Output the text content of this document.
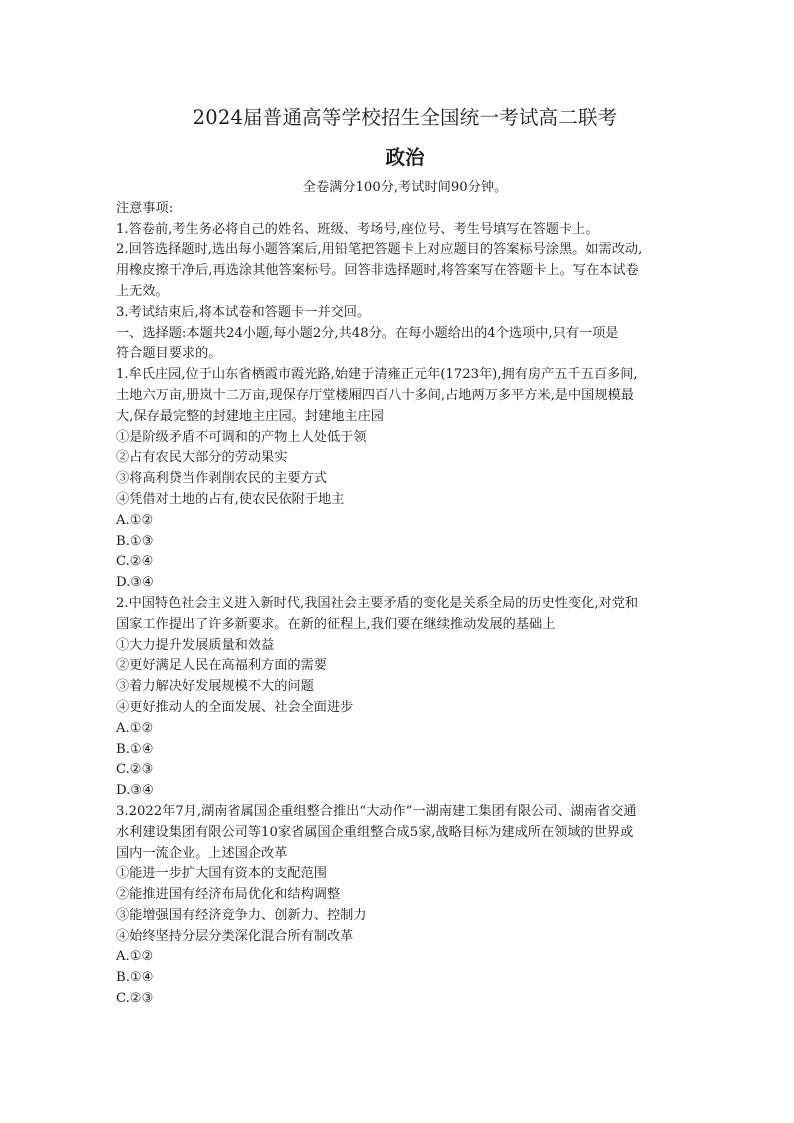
2024届普通高等学校招生全国统一考试高二联考
政治
全卷满分100分,考试时间90分钟。
注意事项:
1.答卷前,考生务必将自己的姓名、班级、考场号,座位号、考生号填写在答题卡上。
2.回答选择题时,选出每小题答案后,用铅笔把答题卡上对应题目的答案标号涂黑。如需改动,
用橡皮擦干净后,再选涂其他答案标号。回答非选择题时,将答案写在答题卡上。写在本试卷
上无效。
3.考试结束后,将本试卷和答题卡一并交回。
一、选择题:本题共24小题,每小题2分,共48分。在每小题给出的4个选项中,只有一项是
符合题目要求的。
1.牟氏庄园,位于山东省栖霞市霞光路,始建于清雍正元年(1723年),拥有房产五千五百多间,
土地六万亩,册岚十二万亩,现保存厅堂楼厢四百八十多间,占地两万多平方米,是中国规模最
大,保存最完整的封建地主庄园。封建地主庄园
①是阶级矛盾不可调和的产物上人处低于领
②占有农民大部分的劳动果实
③将高利贷当作剥削农民的主要方式
④凭借对土地的占有,使农民依附于地主
A.①②
B.①③
C.②④
D.③④
2.中国特色社会主义进入新时代,我国社会主要矛盾的变化是关系全局的历史性变化,对党和
国家工作提出了许多新要求。在新的征程上,我们要在继续推动发展的基础上
①大力提升发展质量和效益
②更好满足人民在高福利方面的需要
③着力解决好发展规模不大的问题
④更好推动人的全面发展、社会全面进步
A.①②
B.①④
C.②③
D.③④
3.2022年7月,湖南省属国企重组整合推出“大动作”一湖南建工集团有限公司、湖南省交通
水利建设集团有限公司等10家省属国企重组整合成5家,战略目标为建成所在领域的世界或
国内一流企业。上述国企改革
①能进一步扩大国有资本的支配范围
②能推进国有经济布局优化和结构调整
③能增强国有经济竞争力、创新力、控制力
④始终坚持分层分类深化混合所有制改革
A.①②
B.①④
C.②③
